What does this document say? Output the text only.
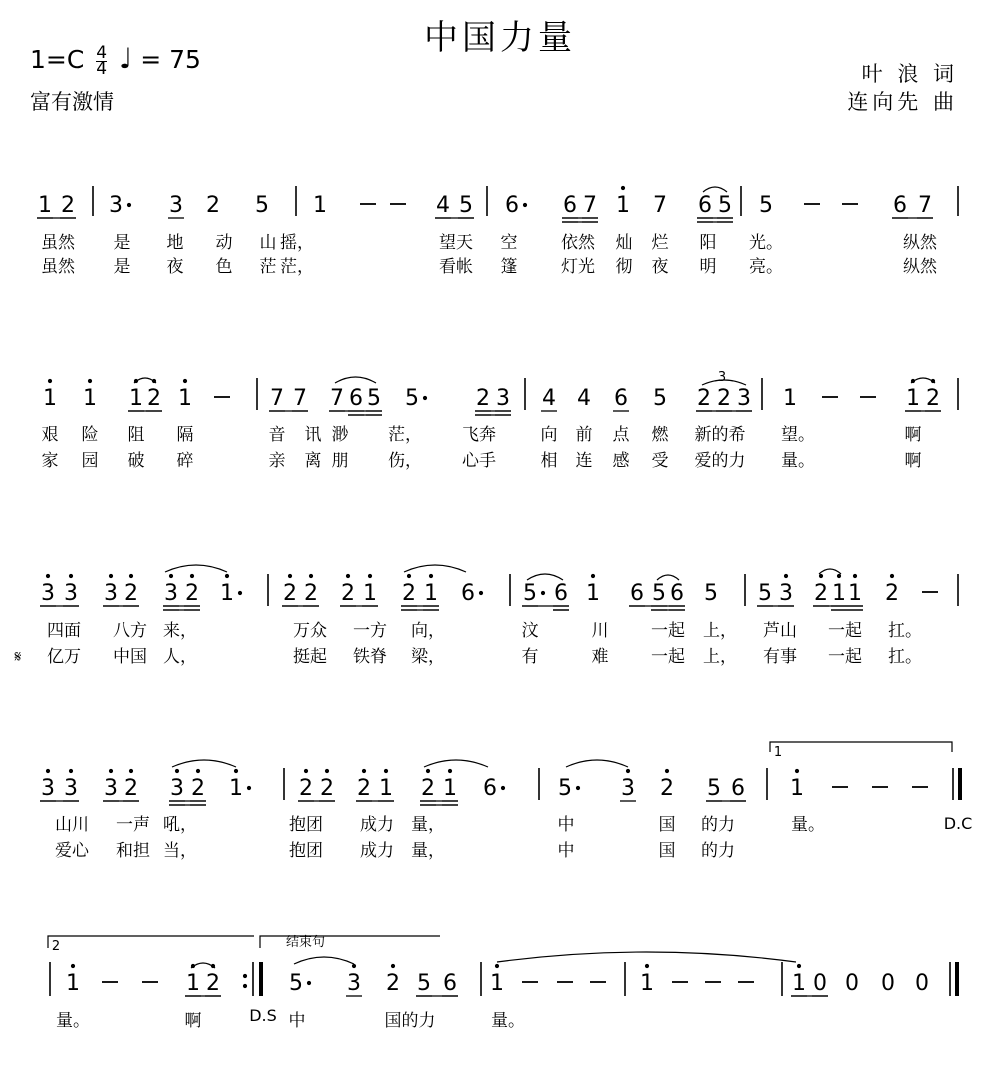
中国力量
$1=C \frac{4}{4}$ ♩ = 75
富有激情
叶 浪 词
连向先 曲
1 2 3 3 2 5 1	4 5 6 6 7 1 7 6 5 5	6 7
虽然 是 地 动 山 摇，	望天 空	依然 灿 烂 阳 光。	纵然
虽然 是 夜 色 茫 茫，	看帐 篷	灯光 彻 夜 明 亮。	纵然
1 1 1 2 1	7 7 7 6 5 5	2 3 4 4 6 5 2 2 3
3
1	1 2
艰 险 阻 隔	音 讯 渺 茫， 飞奔	向 前 点 燃 新的希 望。	啊
家 园 破 碎	亲 离 朋 伤， 心手	相 连 感 受 爱的力 量。	啊
3 3 3 2 3 2 1 2 2 2 1 2 1 6 5 6 1 6 5 6 5 5 3 2 1 1 2
𝄋
四面 八方 来，	万众 一方 向，	汶	川	一起 上， 芦山 一起 扛。
亿万 中国 人，	挺起 铁脊 梁，	有	难	一起 上， 有事 一起 扛。
3 3 3 2 3 2 1	2 2 2 1 2 1 6	5 3 2 5 6
1
1
D.C
山川 一声 吼，	抱团 成力 量，	中	国 的力	量。
爱心 和担 当，	抱团 成力 量，	中	国 的力
2	结束句
1	1 2	5 3 2 5 6 1	1	1 0 0 0 0
D.S
量。	啊	中	国的力	量。
